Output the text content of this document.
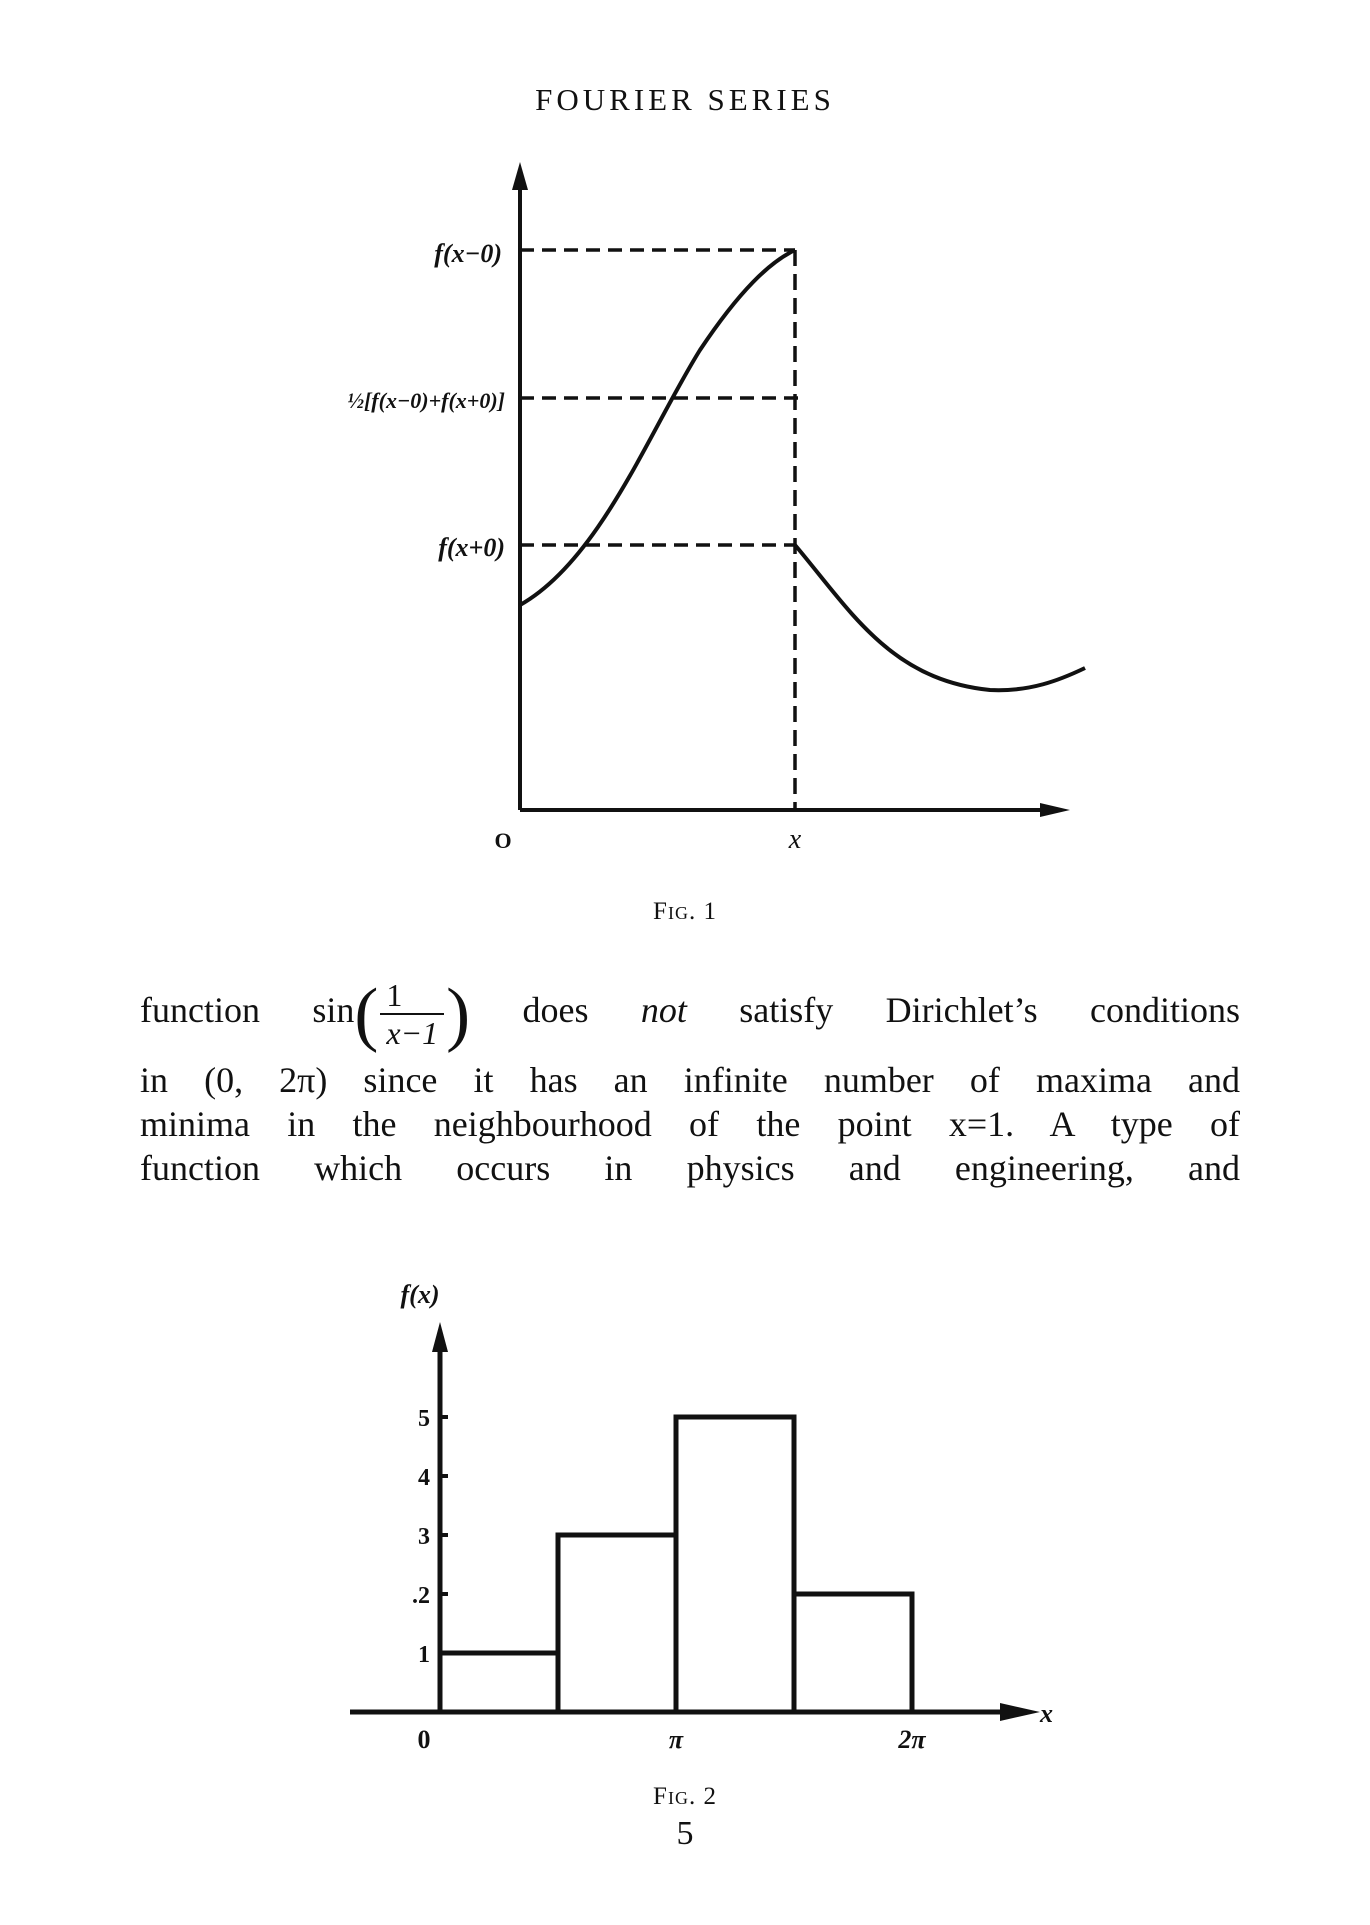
FOURIER SERIES
f(x−0)
½[f(x−0)+f(x+0)]
f(x+0)
O	x
Fig. 1
function $\sin( \frac{1}{x-1}$ ) does not satisfy Dirichlet’s conditions
in (0, 2π) since it has an infinite number of maxima and
minima in the neighbourhood of the point x=1. A type of
function which occurs in physics and engineering, and
f(x)
x
1
.2
3
4
5
0	π	2π
Fig. 2
5
